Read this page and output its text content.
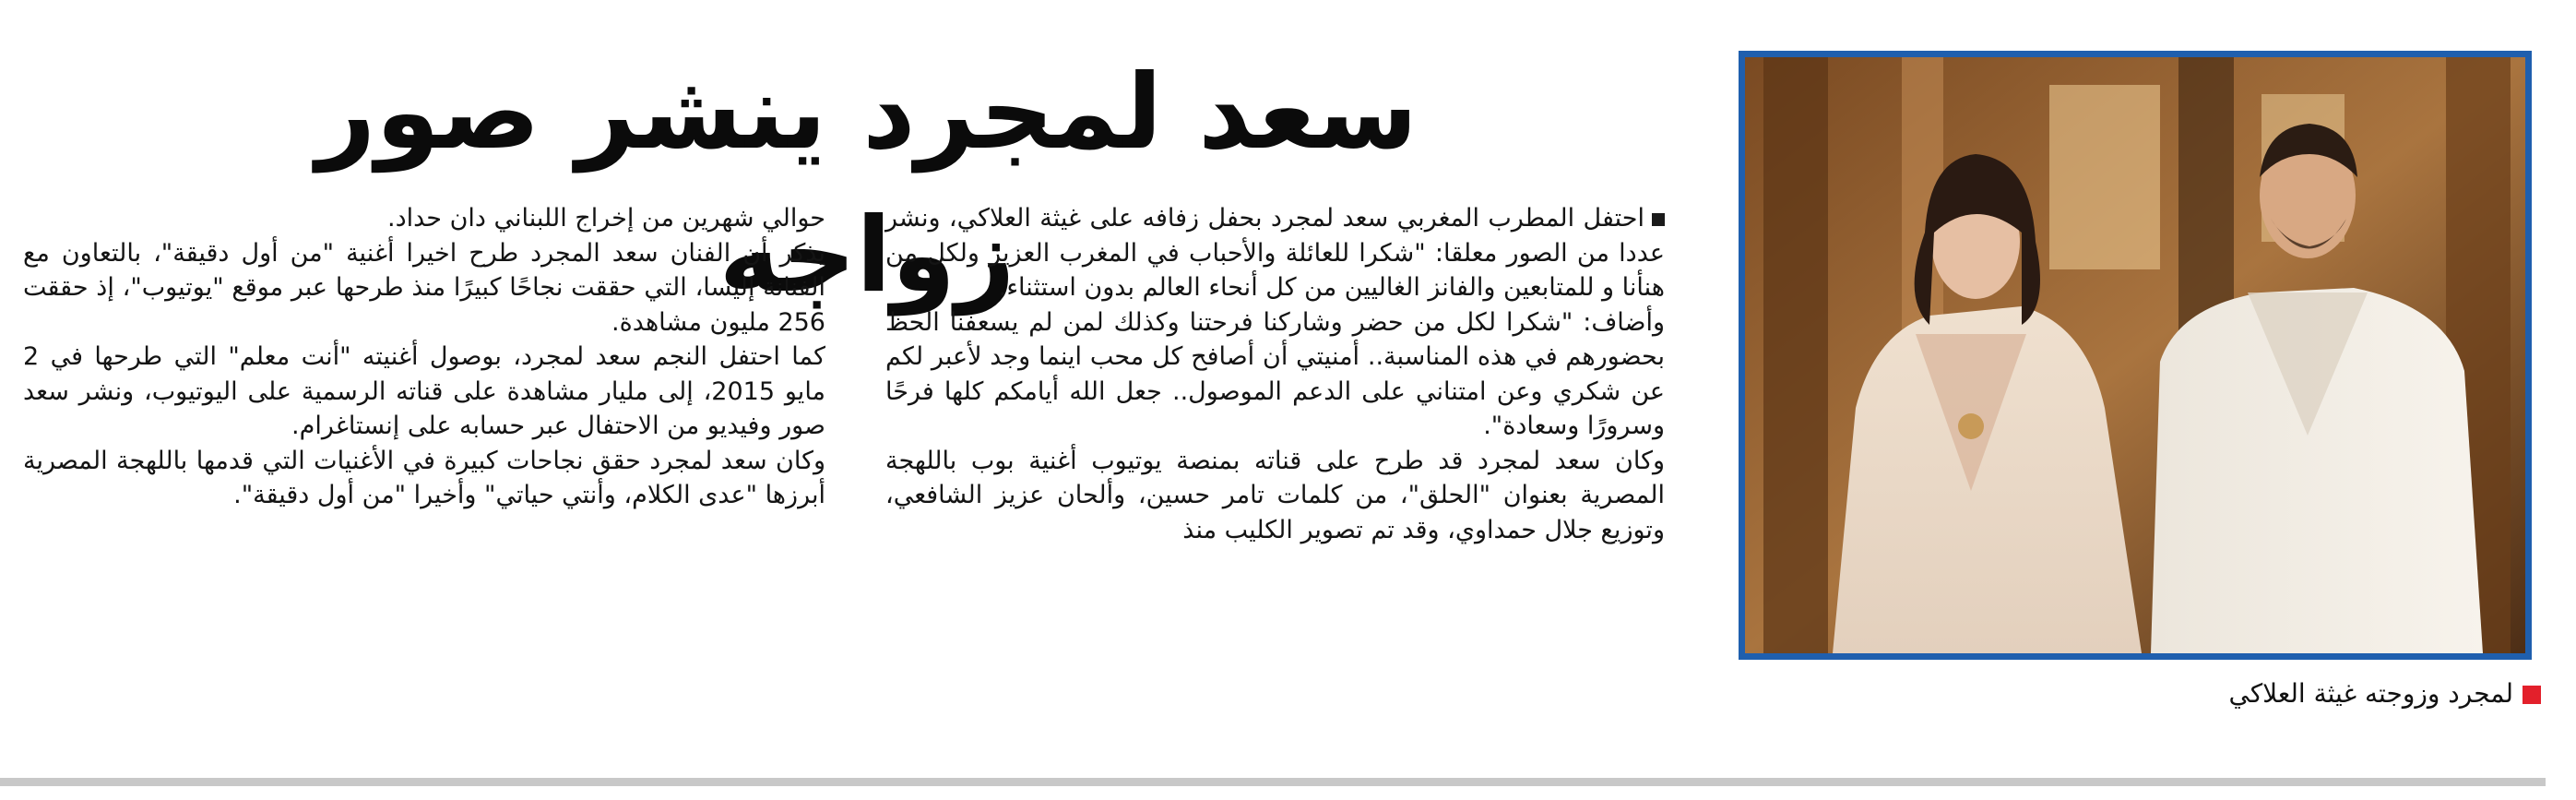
سعد لمجرد ينشر صور زواجه

احتفل المطرب المغربي سعد لمجرد بحفل زفافه على غيثة العلاكي، ونشر عددا من الصور معلقا: "شكرا للعائلة والأحباب في المغرب العزيز ولكل من هنأنا و للمتابعين والفانز الغاليين من كل أنحاء العالم بدون استثناء.

وأضاف: "شكرا لكل من حضر وشاركنا فرحتنا وكذلك لمن لم يسعفنا الحظ بحضورهم في هذه المناسبة.. أمنيتي أن أصافح كل محب اينما وجد لأعبر لكم عن شكري وعن امتناني على الدعم الموصول.. جعل الله أيامكم كلها فرحًا وسرورًا وسعادة".

وكان سعد لمجرد قد طرح على قناته بمنصة يوتيوب أغنية بوب باللهجة المصرية بعنوان "الحلق"، من كلمات تامر حسين، وألحان عزيز الشافعي، وتوزيع جلال حمداوي، وقد تم تصوير الكليب منذ

حوالي شهرين من إخراج اللبناني دان حداد.

يذكر أن الفنان سعد المجرد طرح اخيرا أغنية "من أول دقيقة"، بالتعاون مع الفنانة إليسا، التي حققت نجاحًا كبيرًا منذ طرحها عبر موقع "يوتيوب"، إذ حققت 256 مليون مشاهدة.

كما احتفل النجم سعد لمجرد، بوصول أغنيته "أنت معلم" التي طرحها في 2 مايو 2015، إلى مليار مشاهدة على قناته الرسمية على اليوتيوب، ونشر سعد صور وفيديو من الاحتفال عبر حسابه على إنستاغرام.

وكان سعد لمجرد حقق نجاحات كبيرة في الأغنيات التي قدمها باللهجة المصرية أبرزها "عدى الكلام، وأنتي حياتي" وأخيرا "من أول دقيقة".

لمجرد وزوجته غيثة العلاكي
